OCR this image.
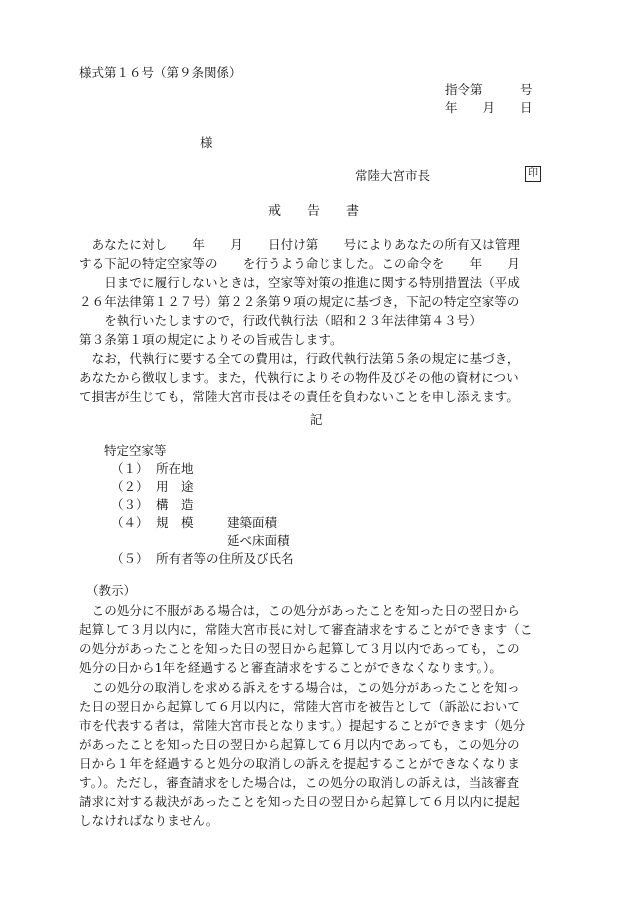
様式第１６号（第９条関係）
指令第　　　号
年　　月　　日
様
常陸大宮市長	印
戒　　告　　書
　あなたに対し　　年　　月　　日付け第　　号によりあなたの所有又は管理
する下記の特定空家等の　　を行うよう命じました。この命令を　　年　　月
　　日までに履行しないときは，空家等対策の推進に関する特別措置法（平成
２６年法律第１２７号）第２２条第９項の規定に基づき，下記の特定空家等の
　　を執行いたしますので，行政代執行法（昭和２３年法律第４３号）
第３条第１項の規定によりその旨戒告します。
　なお，代執行に要する全ての費用は，行政代執行法第５条の規定に基づき，
あなたから徴収します。また，代執行によりその物件及びその他の資材につい
て損害が生じても，常陸大宮市長はその責任を負わないことを申し添えます。
記
特定空家等
（１） 所在地
（２） 用　途
（３） 構　造
（４） 規　模	建築面積
延べ床面積
（５） 所有者等の住所及び氏名
（教示）
　この処分に不服がある場合は，この処分があったことを知った日の翌日から
起算して３月以内に，常陸大宮市長に対して審査請求をすることができます（こ
の処分があったことを知った日の翌日から起算して３月以内であっても，この
処分の日から1年を経過すると審査請求をすることができなくなります。）。
　この処分の取消しを求める訴えをする場合は，この処分があったことを知っ
た日の翌日から起算して６月以内に，常陸大宮市を被告として（訴訟において
市を代表する者は，常陸大宮市長となります。）提起することができます（処分
があったことを知った日の翌日から起算して６月以内であっても，この処分の
日から１年を経過すると処分の取消しの訴えを提起することができなくなりま
す。）。ただし，審査請求をした場合は，この処分の取消しの訴えは，当該審査
請求に対する裁決があったことを知った日の翌日から起算して６月以内に提起
しなければなりません。
